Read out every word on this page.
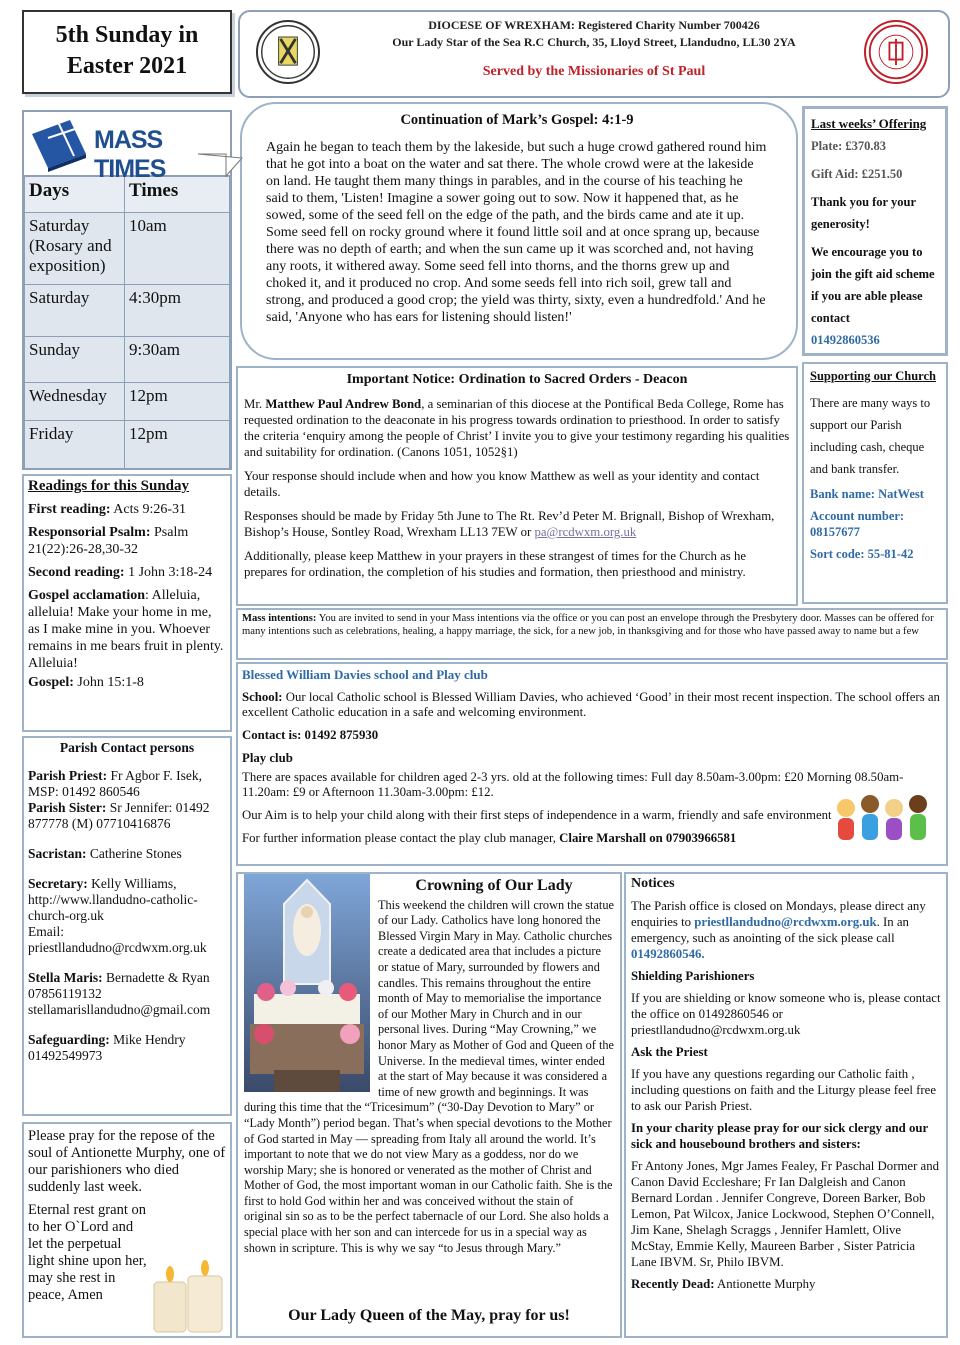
5th Sunday in
Easter 2021
DIOCESE OF WREXHAM: Registered Charity Number 700426
Our Lady Star of the Sea R.C Church, 35, Lloyd Street, Llandudno, LL30 2YA
Served by the Missionaries of St Paul
MASS TIMES
Days	Times
Saturday (Rosary and exposition)	10am
Saturday	4:30pm
Sunday	9:30am
Wednesday	12pm
Friday	12pm
Continuation of Mark’s Gospel: 4:1-9
Again he began to teach them by the lakeside, but such a huge crowd gathered round him that he got into a boat on the water and sat there. The whole crowd were at the lakeside on land. He taught them many things in parables, and in the course of his teaching he said to them, 'Listen! Imagine a sower going out to sow. Now it happened that, as he sowed, some of the seed fell on the edge of the path, and the birds came and ate it up. Some seed fell on rocky ground where it found little soil and at once sprang up, because there was no depth of earth; and when the sun came up it was scorched and, not having any roots, it withered away. Some seed fell into thorns, and the thorns grew up and choked it, and it produced no crop. And some seeds fell into rich soil, grew tall and strong, and produced a good crop; the yield was thirty, sixty, even a hundredfold.' And he said, 'Anyone who has ears for listening should listen!'
Last weeks’ Offering
Plate: £370.83
Gift Aid: £251.50
Thank you for your generosity!
We encourage you to join the gift aid scheme if you are able please contact
01492860536
Readings for this Sunday

First reading: Acts 9:26-31

Responsorial Psalm: Psalm 21(22):26-28,30-32

Second reading: 1 John 3:18-24

Gospel acclamation: Alleluia, alleluia! Make your home in me, as I make mine in you. Whoever remains in me bears fruit in plenty. Alleluia!

Gospel: John 15:1-8

Parish Contact persons

Parish Priest: Fr Agbor F. Isek, MSP: 01492 860546

Parish Sister: Sr Jennifer: 01492 877778 (M) 07710416876

Sacristan: Catherine Stones

Secretary: Kelly Williams, http://www.llandudno-catholic-church-org.uk
Email: priestllandudno@rcdwxm.org.uk

Stella Maris: Bernadette & Ryan 07856119132 stellamarisllandudno@gmail.com

Safeguarding: Mike Hendry 01492549973

Please pray for the repose of the soul of Antionette Murphy, one of our parishioners who died suddenly last week.

Eternal rest grant on to her O`Lord and let the perpetual light shine upon her, may she rest in peace, Amen

Important Notice: Ordination to Sacred Orders - Deacon

Mr. Matthew Paul Andrew Bond, a seminarian of this diocese at the Pontifical Beda College, Rome has requested ordination to the deaconate in his progress towards ordination to priesthood. In order to satisfy the criteria ‘enquiry among the people of Christ’ I invite you to give your testimony regarding his qualities and suitability for ordination. (Canons 1051, 1052§1)

Your response should include when and how you know Matthew as well as your identity and contact details.

Responses should be made by Friday 5th June to The Rt. Rev’d Peter M. Brignall, Bishop of Wrexham, Bishop’s House, Sontley Road, Wrexham LL13 7EW or pa@rcdwxm.org.uk

Additionally, please keep Matthew in your prayers in these strangest of times for the Church as he prepares for ordination, the completion of his studies and formation, then priesthood and ministry.

Supporting our Church
There are many ways to support our Parish including cash, cheque and bank transfer.
Bank name: NatWest
Account number: 08157677
Sort code: 55-81-42
Mass intentions: You are invited to send in your Mass intentions via the office or you can post an envelope through the Presbytery door. Masses can be offered for many intentions such as celebrations, healing, a happy marriage, the sick, for a new job, in thanksgiving and for those who have passed away to name but a few
Blessed William Davies school and Play club

School: Our local Catholic school is Blessed William Davies, who achieved ‘Good’ in their most recent inspection. The school offers an excellent Catholic education in a safe and welcoming environment.

Contact is: 01492 875930

Play club

There are spaces available for children aged 2-3 yrs. old at the following times: Full day 8.50am-3.00pm: £20 Morning 08.50am-11.20am: £9 or Afternoon 11.30am-3.00pm: £12.

Our Aim is to help your child along with their first steps of independence in a warm, friendly and safe environment

For further information please contact the play club manager, Claire Marshall on 07903966581

Crowning of Our Lady
This weekend the children will crown the statue of our Lady. Catholics have long honored the Blessed Virgin Mary in May. Catholic churches create a dedicated area that includes a picture or statue of Mary, surrounded by flowers and candles. This remains throughout the entire month of May to memorialise the importance of our Mother Mary in Church and in our personal lives. During “May Crowning,” we honor Mary as Mother of God and Queen of the Universe. In the medieval times, winter ended at the start of May because it was considered a time of new growth and beginnings. It was during this time that the “Tricesimum” (“30-Day Devotion to Mary” or “Lady Month”) period began. That’s when special devotions to the Mother of God started in May — spreading from Italy all around the world. It’s important to note that we do not view Mary as a goddess, nor do we worship Mary; she is honored or venerated as the mother of Christ and Mother of God, the most important woman in our Catholic faith. She is the first to hold God within her and was conceived without the stain of original sin so as to be the perfect tabernacle of our Lord. She also holds a special place with her son and can intercede for us in a special way as shown in scripture. This is why we say “to Jesus through Mary.”
Our Lady Queen of the May, pray for us!
Notices

The Parish office is closed on Mondays, please direct any enquiries to priestllandudno@rcdwxm.org.uk. In an emergency, such as anointing of the sick please call 01492860546.

Shielding Parishioners

If you are shielding or know someone who is, please contact the office on 01492860546 or priestllandudno@rcdwxm.org.uk

Ask the Priest

If you have any questions regarding our Catholic faith , including questions on faith and the Liturgy please feel free to ask our Parish Priest.

In your charity please pray for our sick clergy and our sick and housebound brothers and sisters:

Fr Antony Jones, Mgr James Fealey, Fr Paschal Dormer and Canon David Eccleshare; Fr Ian Dalgleish and Canon Bernard Lordan . Jennifer Congreve, Doreen Barker, Bob Lemon, Pat Wilcox, Janice Lockwood, Stephen O’Connell, Jim Kane, Shelagh Scraggs , Jennifer Hamlett, Olive McStay, Emmie Kelly, Maureen Barber , Sister Patricia Lane IBVM. Sr, Philo IBVM.

Recently Dead: Antionette Murphy
